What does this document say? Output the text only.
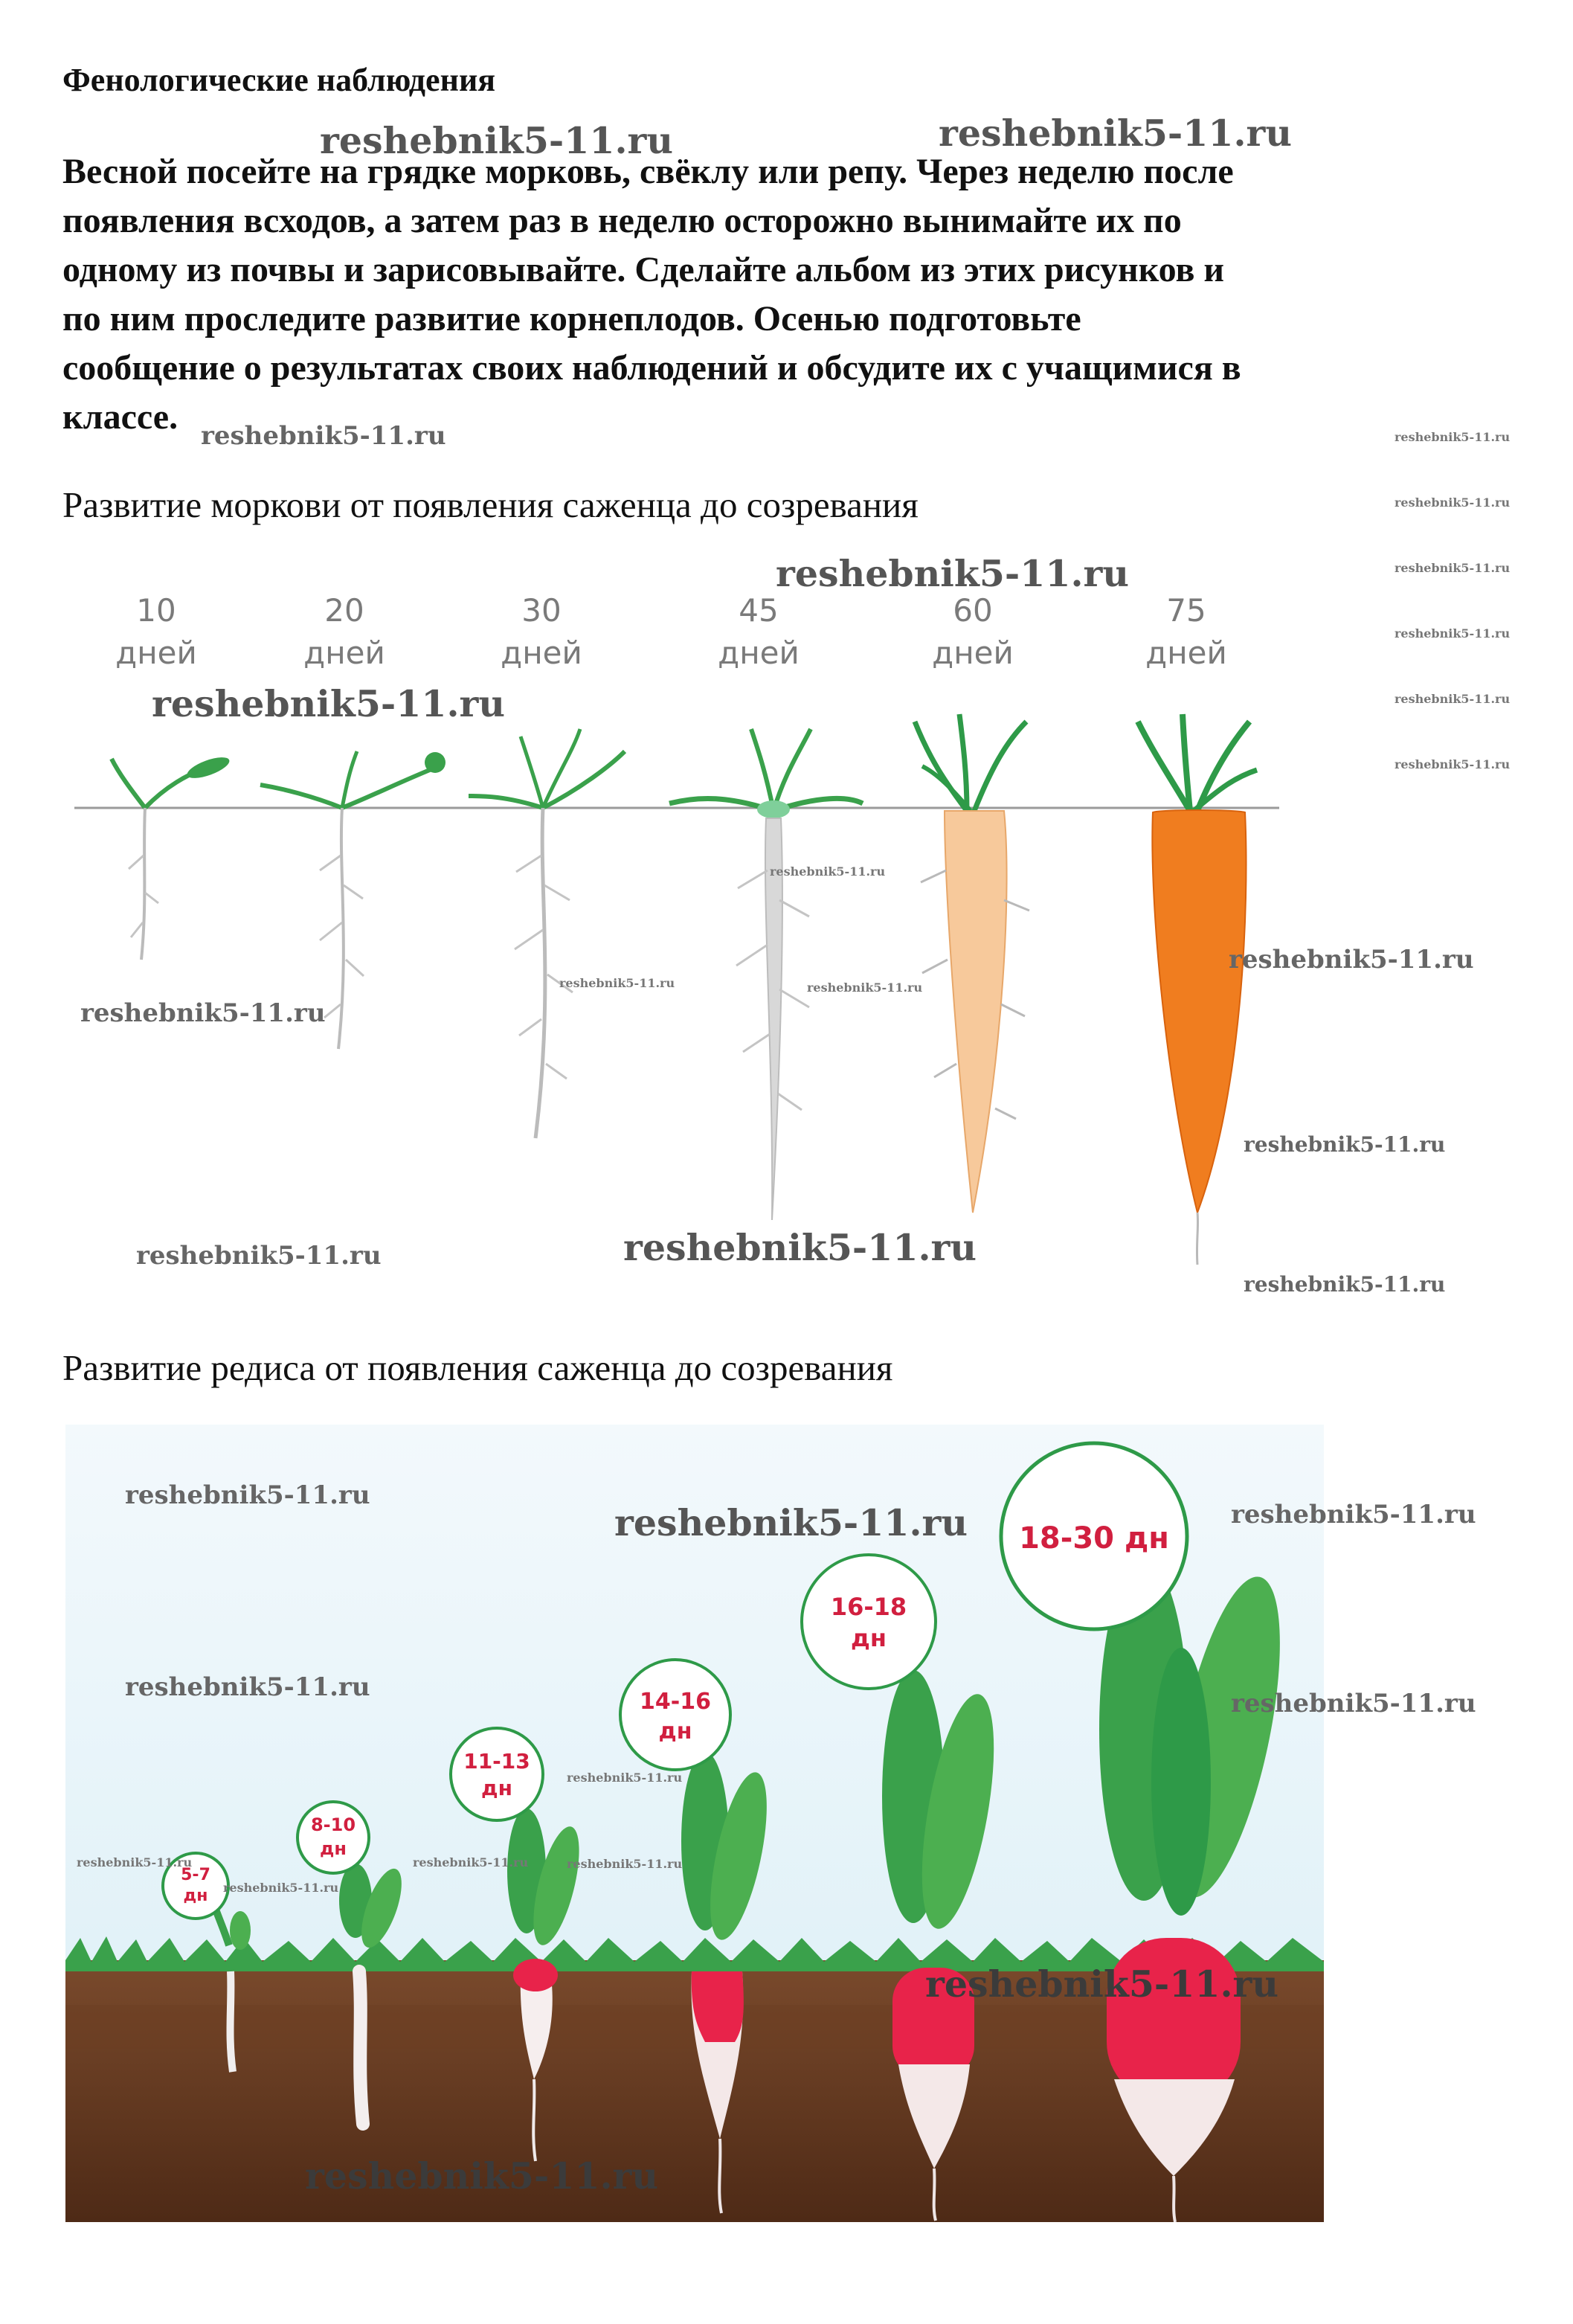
Фенологические наблюдения
Весной посейте на грядке морковь, свёклу или репу. Через неделю после
появления всходов, а затем раз в неделю осторожно вынимайте их по
одному из почвы и зарисовывайте. Сделайте альбом из этих рисунков и
по ним проследите развитие корнеплодов. Осенью подготовьте
сообщение о результатах своих наблюдений и обсудите их с учащимися в
классе.
Развитие моркови от появления саженца до созревания
10
дней
20
дней
30
дней
45
дней
60
дней
75
дней
Развитие редиса от появления саженца до созревания
5-7
дн
8-10
дн
11-13
дн
14-16
дн
16-18
дн
18-30 дн
reshebnik5-11.ru	reshebnik5-11.ru
reshebnik5-11.ru	reshebnik5-11.ru
reshebnik5-11.ru
reshebnik5-11.ru
reshebnik5-11.ru
reshebnik5-11.ru
reshebnik5-11.ru
reshebnik5-11.ru
reshebnik5-11.ru
reshebnik5-11.ru
reshebnik5-11.ru	reshebnik5-11.ru
reshebnik5-11.ru
reshebnik5-11.ru
reshebnik5-11.ru
reshebnik5-11.ru	reshebnik5-11.ru
reshebnik5-11.ru
reshebnik5-11.ru
reshebnik5-11.ru	reshebnik5-11.ru
reshebnik5-11.ru
reshebnik5-11.ru
reshebnik5-11.ru
reshebnik5-11.ru	reshebnik5-11.ru	reshebnik5-11.ru
reshebnik5-11.ru
reshebnik5-11.ru
reshebnik5-11.ru
